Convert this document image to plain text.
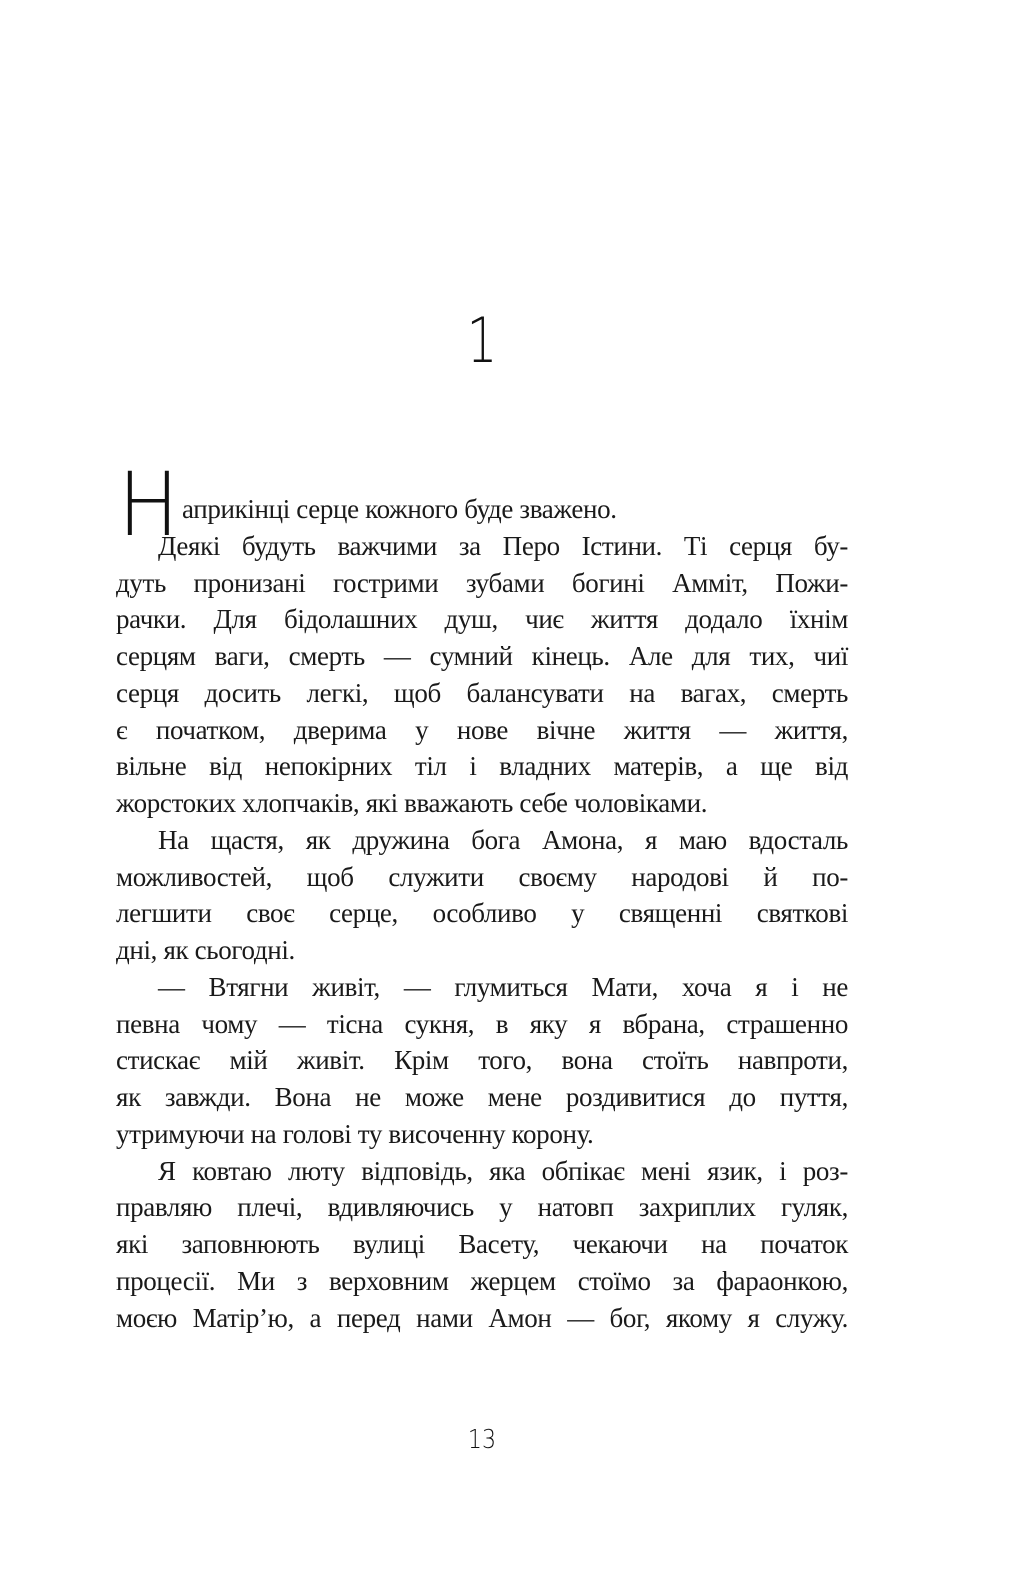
1
Н априкінці серце кожного буде зважено.
Деякі будуть важчими за Перо Істини. Ті серця бу-
дуть пронизані гострими зубами богині Амміт, Пожи-
рачки. Для бідолашних душ, чиє життя додало їхнім
серцям ваги, смерть — сумний кінець. Але для тих, чиї
серця досить легкі, щоб балансувати на вагах, смерть
є початком, дверима у нове вічне життя — життя,
вільне від непокірних тіл і владних матерів, а ще від
жорстоких хлопчаків, які вважають себе чоловіками.
На щастя, як дружина бога Амона, я маю вдосталь
можливостей, щоб служити своєму народові й по-
легшити своє серце, особливо у священні святкові
дні, як сьогодні.
— Втягни живіт, — глумиться Мати, хоча я і не
певна чому — тісна сукня, в яку я вбрана, страшенно
стискає мій живіт. Крім того, вона стоїть навпроти,
як завжди. Вона не може мене роздивитися до пуття,
утримуючи на голові ту височенну корону.
Я ковтаю люту відповідь, яка обпікає мені язик, і роз-
правляю плечі, вдивляючись у натовп захриплих гуляк,
які заповнюють вулиці Васету, чекаючи на початок
процесії. Ми з верховним жерцем стоїмо за фараонкою,
моєю Матір’ю, а перед нами Амон — бог, якому я служу.
13
